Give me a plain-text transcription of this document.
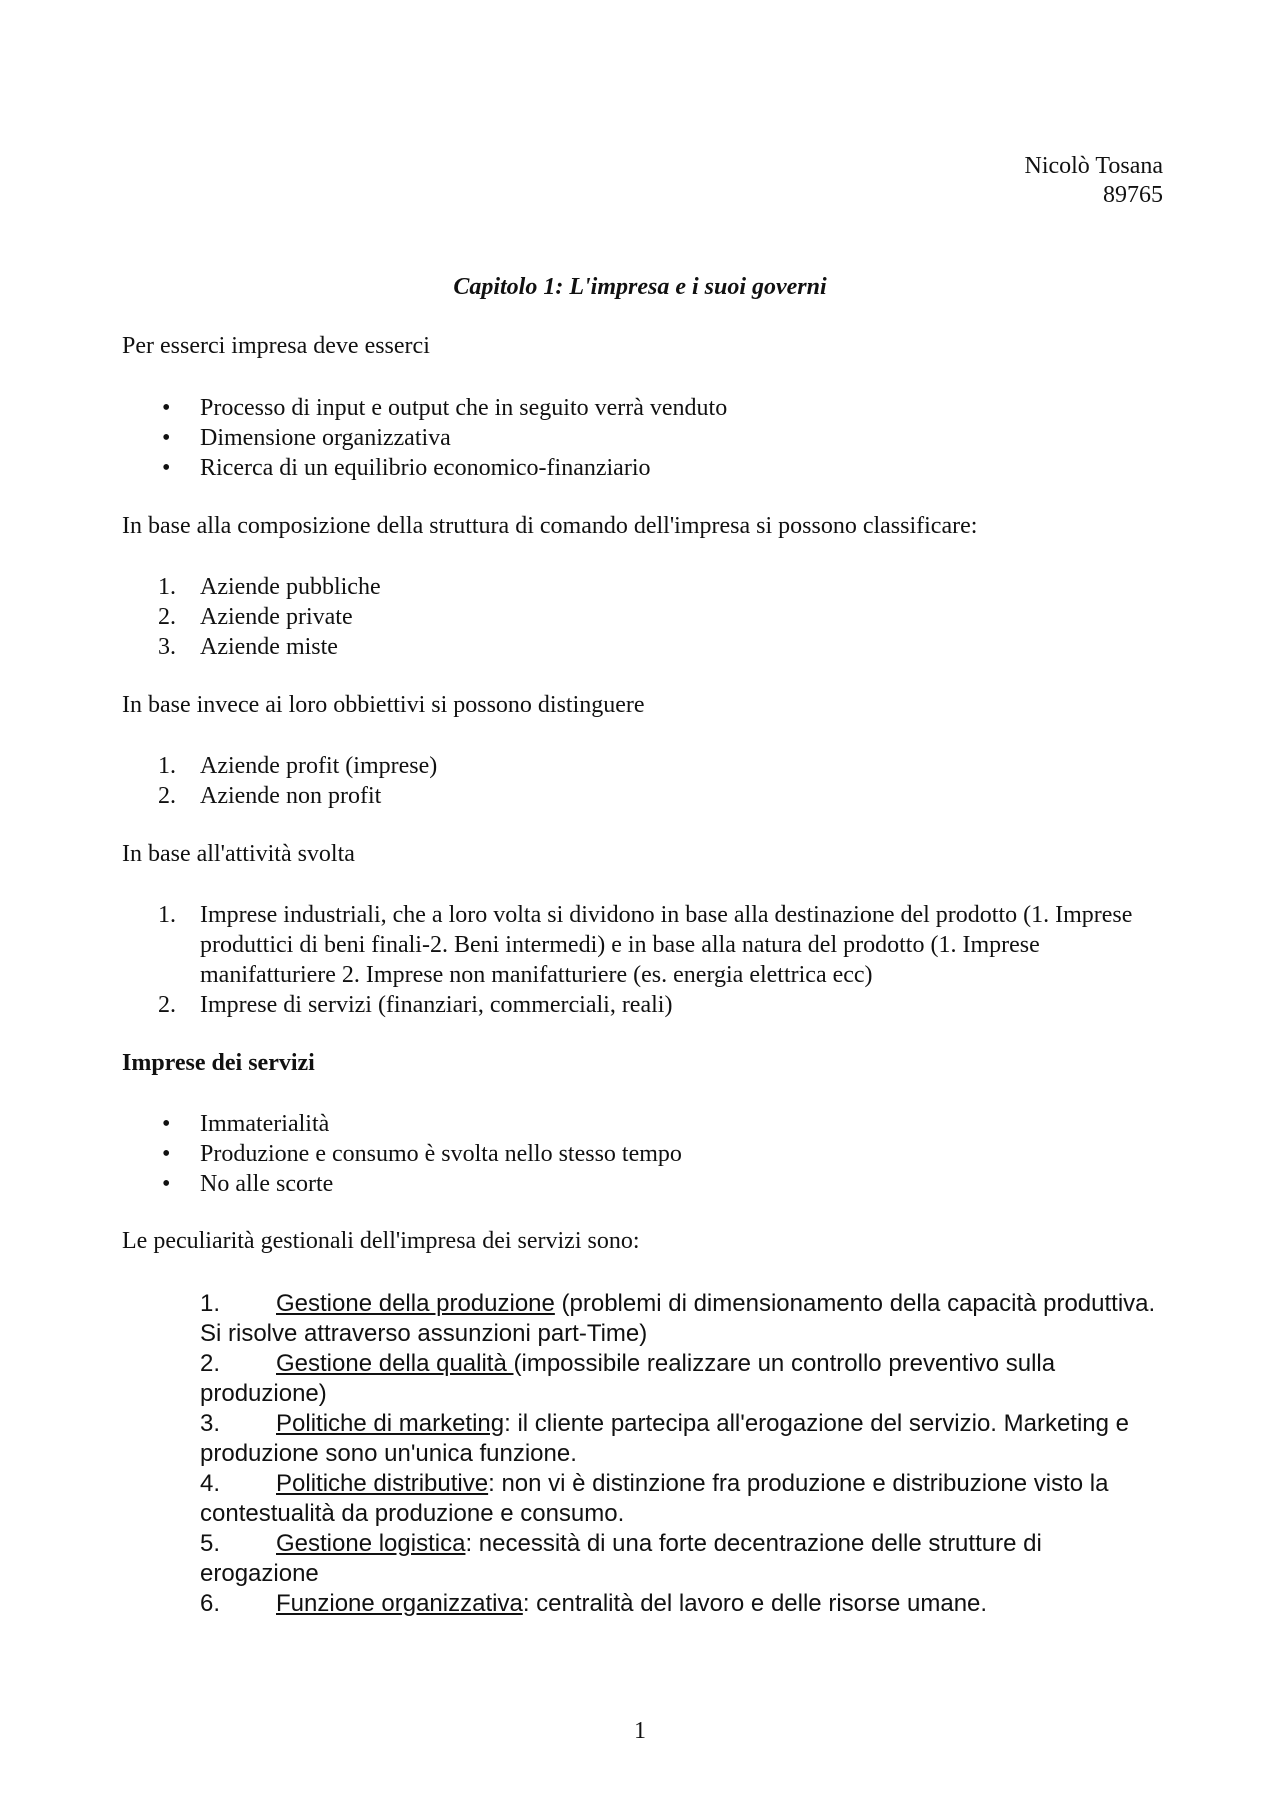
Nicolò Tosana
89765
Capitolo 1: L'impresa e i suoi governi
Per esserci impresa deve esserci
• Processo di input e output che in seguito verrà venduto
• Dimensione organizzativa
• Ricerca di un equilibrio economico-finanziario
In base alla composizione della struttura di comando dell'impresa si possono classificare:
1. Aziende pubbliche
2. Aziende private
3. Aziende miste
In base invece ai loro obbiettivi si possono distinguere
1. Aziende profit (imprese)
2. Aziende non profit
In base all'attività svolta
1. Imprese industriali, che a loro volta si dividono in base alla destinazione del prodotto (1. Imprese produttici di beni finali-2. Beni intermedi) e in base alla natura del prodotto (1. Imprese manifatturiere 2. Imprese non manifatturiere (es. energia elettrica ecc)
2. Imprese di servizi (finanziari, commerciali, reali)
Imprese dei servizi
• Immaterialità
• Produzione e consumo è svolta nello stesso tempo
• No alle scorte
Le peculiarità gestionali dell'impresa dei servizi sono:
1. Gestione della produzione (problemi di dimensionamento della capacità produttiva. Si risolve attraverso assunzioni part-Time)
2. Gestione della qualità (impossibile realizzare un controllo preventivo sulla produzione)
3. Politiche di marketing: il cliente partecipa all'erogazione del servizio. Marketing e produzione sono un'unica funzione.
4. Politiche distributive: non vi è distinzione fra produzione e distribuzione visto la contestualità da produzione e consumo.
5. Gestione logistica: necessità di una forte decentrazione delle strutture di erogazione
6. Funzione organizzativa: centralità del lavoro e delle risorse umane.
1
